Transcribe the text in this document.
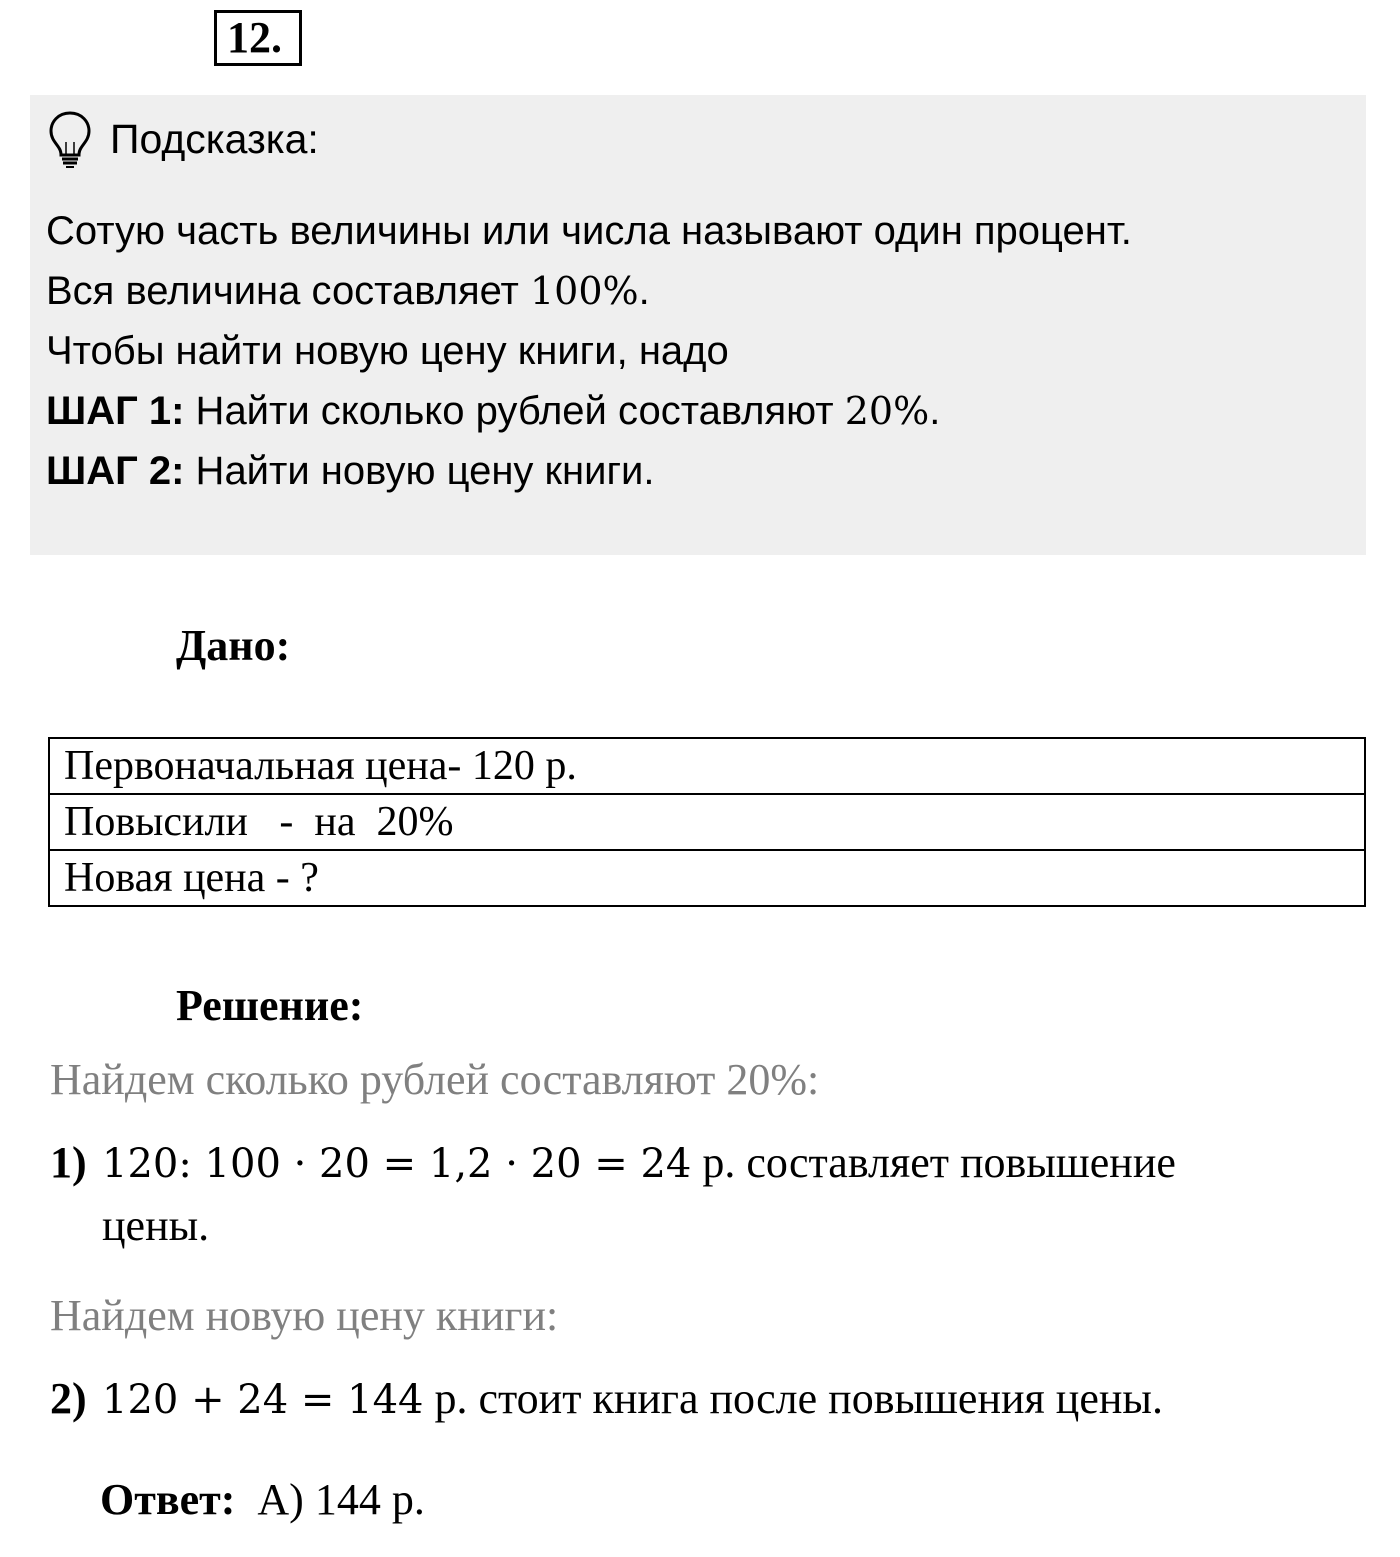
12.
Подсказка:
Сотую часть величины или числа называют один процент.
Вся величина составляет 100%.
Чтобы найти новую цену книги, надо
ШАГ 1: Найти сколько рублей составляют 20%.
ШАГ 2: Найти новую цену книги.
Дано:
Первоначальная цена- 120 р.
Повысили   -  на  20%
Новая цена - ?
Решение:
Найдем сколько рублей составляют 20%:
1) 120: 100 · 20 = 1,2 · 20 = 24 р. составляет повышение
цены.
Найдем новую цену книги:
2) 120 + 24 = 144 р. стоит книга после повышения цены.
Ответ:  А) 144 р.
